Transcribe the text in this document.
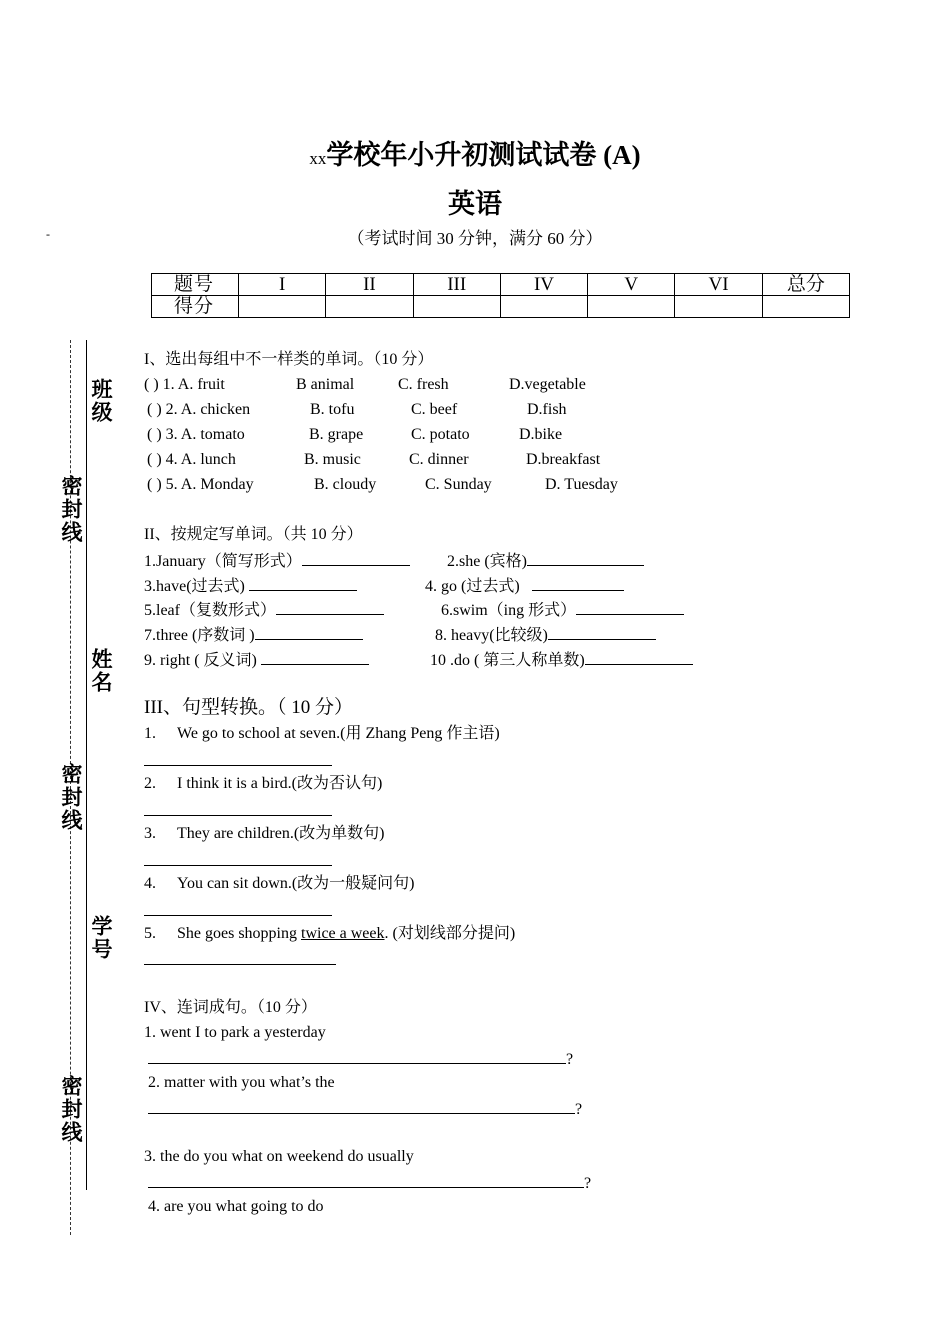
xx学校年小升初测试试卷 (A)
英语
（考试时间 30 分钟，满分 60 分）
-
题号	I	II	III	IV	V	VI	总分
得分							
班级
密封线
姓名
密封线
学号
密封线
I、选出每组中不一样类的单词。（10 分）
( ) 1. A. fruit	B animal	C. fresh	D.vegetable
( ) 2. A. chicken	B. tofu	C. beef	D.fish
( ) 3. A. tomato	B. grape	C. potato	D.bike
( ) 4. A. lunch	B. music	C. dinner	D.breakfast
( ) 5. A. Monday	B. cloudy	C. Sunday	D. Tuesday
II、按规定写单词。（共 10 分）
1.January（简写形式）	2.she (宾格)
3.have(过去式)	4. go (过去式)
5.leaf（复数形式）	6.swim（ing 形式）
7.three (序数词 )	8. heavy(比较级)
9. right ( 反义词)	10 .do ( 第三人称单数)
III、句型转换。（ 10 分）
1. We go to school at seven.(用 Zhang Peng 作主语)
2. I think it is a bird.(改为否认句)
3. They are children.(改为单数句)
4. You can sit down.(改为一般疑问句)
5. She goes shopping twice a week. (对划线部分提问)
IV、连词成句。（10 分）
1. went I to park a yesterday
?
2. matter with you what’s the
?
3. the do you what on weekend do usually
?
4. are you what going to do
